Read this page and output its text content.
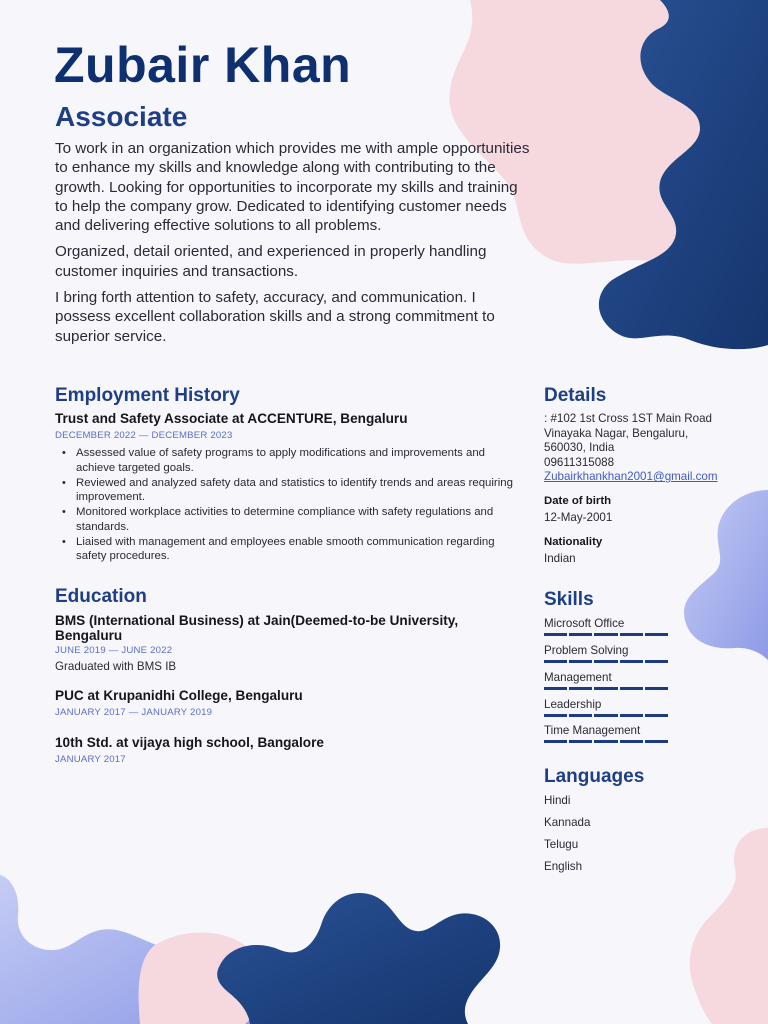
Zubair Khan
Associate

To work in an organization which provides me with ample opportunities to enhance my skills and knowledge along with contributing to the growth. Looking for opportunities to incorporate my skills and training to help the company grow. Dedicated to identifying customer needs and delivering effective solutions to all problems.

Organized, detail oriented, and experienced in properly handling customer inquiries and transactions.

I bring forth attention to safety, accuracy, and communication. I possess excellent collaboration skills and a strong commitment to superior service.

Employment History
Trust and Safety Associate at ACCENTURE, Bengaluru
DECEMBER 2022 — DECEMBER 2023
• Assessed value of safety programs to apply modifications and improvements and achieve targeted goals.
• Reviewed and analyzed safety data and statistics to identify trends and areas requiring improvement.
• Monitored workplace activities to determine compliance with safety regulations and standards.
• Liaised with management and employees enable smooth communication regarding safety procedures.
Education
BMS (International Business) at Jain(Deemed-to-be University, Bengaluru
JUNE 2019 — JUNE 2022
Graduated with BMS IB
PUC at Krupanidhi College, Bengaluru
JANUARY 2017 — JANUARY 2019
10th Std. at vijaya high school, Bangalore
JANUARY 2017
Details
: #102 1st Cross 1ST Main Road
Vinayaka Nagar, Bengaluru,
560030, India
09611315088
Zubairkhankhan2001@gmail.com
Date of birth
12-May-2001
Nationality
Indian
Skills
Microsoft Office
Problem Solving
Management
Leadership
Time Management
Languages
Hindi
Kannada
Telugu
English
